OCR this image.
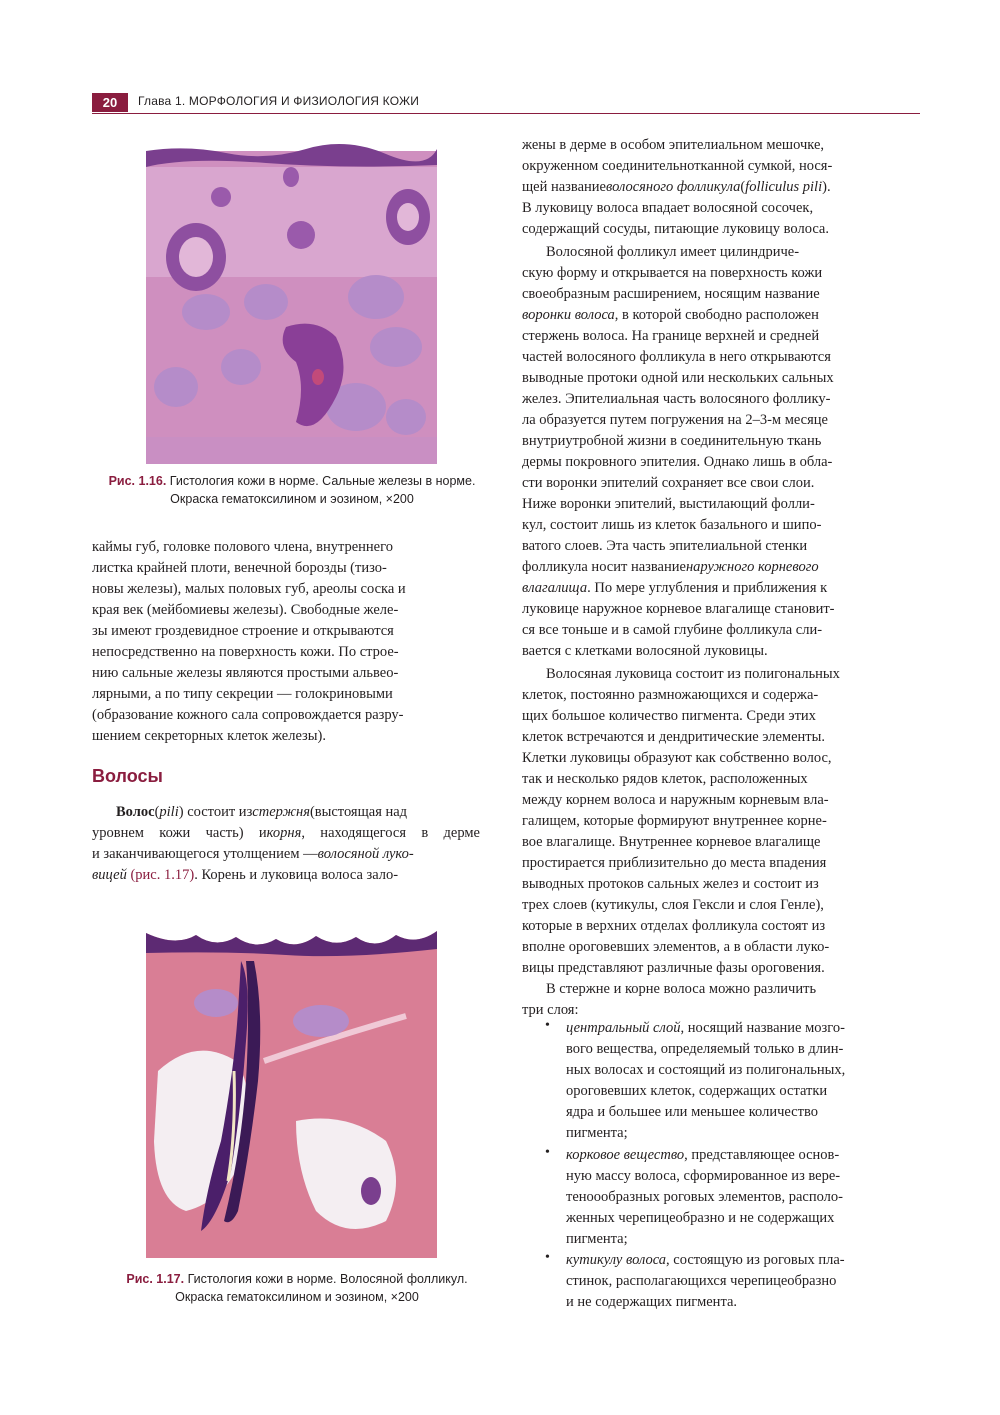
20	Глава 1. МОРФОЛОГИЯ И ФИЗИОЛОГИЯ КОЖИ
Рис. 1.16. Гистология кожи в норме. Сальные железы в норме.
Окраска гематоксилином и эозином, ×200
каймы губ, головке полового члена, внутреннего
листка крайней плоти, венечной борозды (тизо-
новы железы), малых половых губ, ареолы соска и
края век (мейбомиевы железы). Свободные желе-
зы имеют гроздевидное строение и открываются
непосредственно на поверхность кожи. По строе-
нию сальные железы являются простыми альвео-
лярными, а по типу секреции — голокриновыми
(образование кожного сала сопровождается разру-
шением секреторных клеток железы).
Волосы
Волос(pili) состоит изстержня(выстоящая над
уровнем кожи часть) икорня, находящегося в дерме
и заканчивающегося утолщением —волосяной луко-
вицей (рис. 1.17). Корень и луковица волоса зало-
Рис. 1.17. Гистология кожи в норме. Волосяной фолликул.
Окраска гематоксилином и эозином, ×200
жены в дерме в особом эпителиальном мешочке,
окруженном соединительнотканной сумкой, нося-
щей названиеволосяного фолликула(folliculus pili).
В луковицу волоса впадает волосяной сосочек,
содержащий сосуды, питающие луковицу волоса.
Волосяной фолликул имеет цилиндриче-
скую форму и открывается на поверхность кожи
своеобразным расширением, носящим название
воронки волоса, в которой свободно расположен
стержень волоса. На границе верхней и средней
частей волосяного фолликула в него открываются
выводные протоки одной или нескольких сальных
желез. Эпителиальная часть волосяного фоллику-
ла образуется путем погружения на 2–3-м месяце
внутриутробной жизни в соединительную ткань
дермы покровного эпителия. Однако лишь в обла-
сти воронки эпителий сохраняет все свои слои.
Ниже воронки эпителий, выстилающий фолли-
кул, состоит лишь из клеток базального и шипо-
ватого слоев. Эта часть эпителиальной стенки
фолликула носит названиенаружного корневого
влагалища. По мере углубления и приближения к
луковице наружное корневое влагалище становит-
ся все тоньше и в самой глубине фолликула сли-
вается с клетками волосяной луковицы.
Волосяная луковица состоит из полигональных
клеток, постоянно размножающихся и содержа-
щих большое количество пигмента. Среди этих
клеток встречаются и дендритические элементы.
Клетки луковицы образуют как собственно волос,
так и несколько рядов клеток, расположенных
между корнем волоса и наружным корневым вла-
галищем, которые формируют внутреннее корне-
вое влагалище. Внутреннее корневое влагалище
простирается приблизительно до места впадения
выводных протоков сальных желез и состоит из
трех слоев (кутикулы, слоя Гексли и слоя Генле),
которые в верхних отделах фолликула состоят из
вполне ороговевших элементов, а в области луко-
вицы представляют различные фазы ороговения.
В стержне и корне волоса можно различить
три слоя:
• центральный слой, носящий название мозго-
вого вещества, определяемый только в длин-
ных волосах и состоящий из полигональных,
ороговевших клеток, содержащих остатки
ядра и большее или меньшее количество
пигмента;
• корковое вещество, представляющее основ-
ную массу волоса, сформированное из вере-
теноообразных роговых элементов, располо-
женных черепицеобразно и не содержащих
пигмента;
• кутикулу волоса, состоящую из роговых пла-
стинок, располагающихся черепицеобразно
и не содержащих пигмента.
